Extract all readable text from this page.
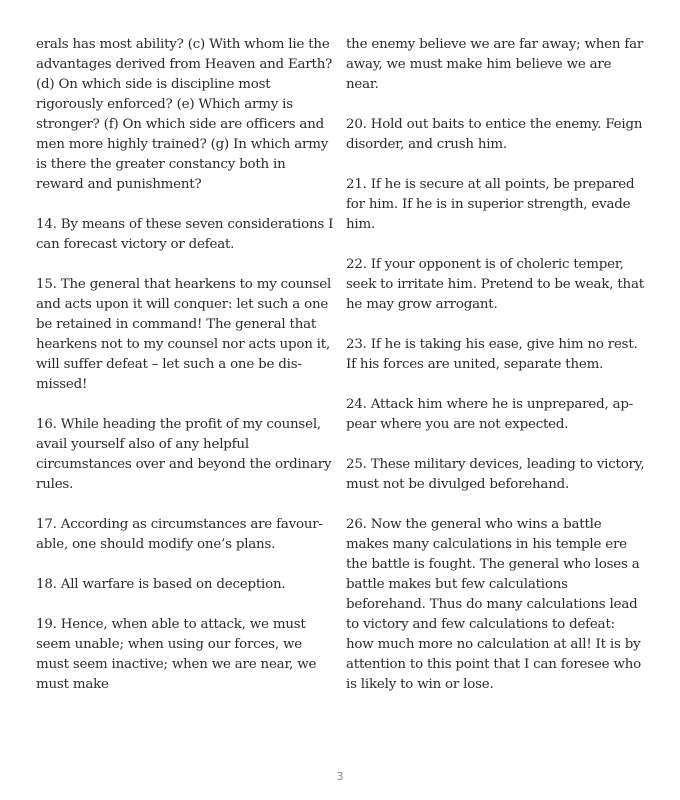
erals has most ability? (c) With whom lie the advantages derived from Heaven and Earth? (d) On which side is discipline most rigorously enforced? (e) Which army is stronger? (f) On which side are officers and men more highly trained? (g) In which army is there the greater constancy both in reward and punishment?

14. By means of these seven considerations I can forecast victory or defeat.

15. The general that hearkens to my counsel and acts upon it will conquer: let such a one be retained in command! The general that hearkens not to my counsel nor acts upon it, will suffer defeat – let such a one be dismissed!

16. While heading the profit of my counsel, avail yourself also of any helpful circumstances over and beyond the ordinary rules.

17. According as circumstances are favourable, one should modify one’s plans.

18. All warfare is based on deception.

19. Hence, when able to attack, we must seem unable; when using our forces, we must seem inactive; when we are near, we must make

the enemy believe we are far away; when far away, we must make him believe we are near.

20. Hold out baits to entice the enemy. Feign disorder, and crush him.

21. If he is secure at all points, be prepared for him. If he is in superior strength, evade him.

22. If your opponent is of choleric temper, seek to irritate him. Pretend to be weak, that he may grow arrogant.

23. If he is taking his ease, give him no rest. If his forces are united, separate them.

24. Attack him where he is unprepared, appear where you are not expected.

25. These military devices, leading to victory, must not be divulged beforehand.

26. Now the general who wins a battle makes many calculations in his temple ere the battle is fought. The general who loses a battle makes but few calculations beforehand. Thus do many calculations lead to victory and few calculations to defeat: how much more no calculation at all! It is by attention to this point that I can foresee who is likely to win or lose.

3
